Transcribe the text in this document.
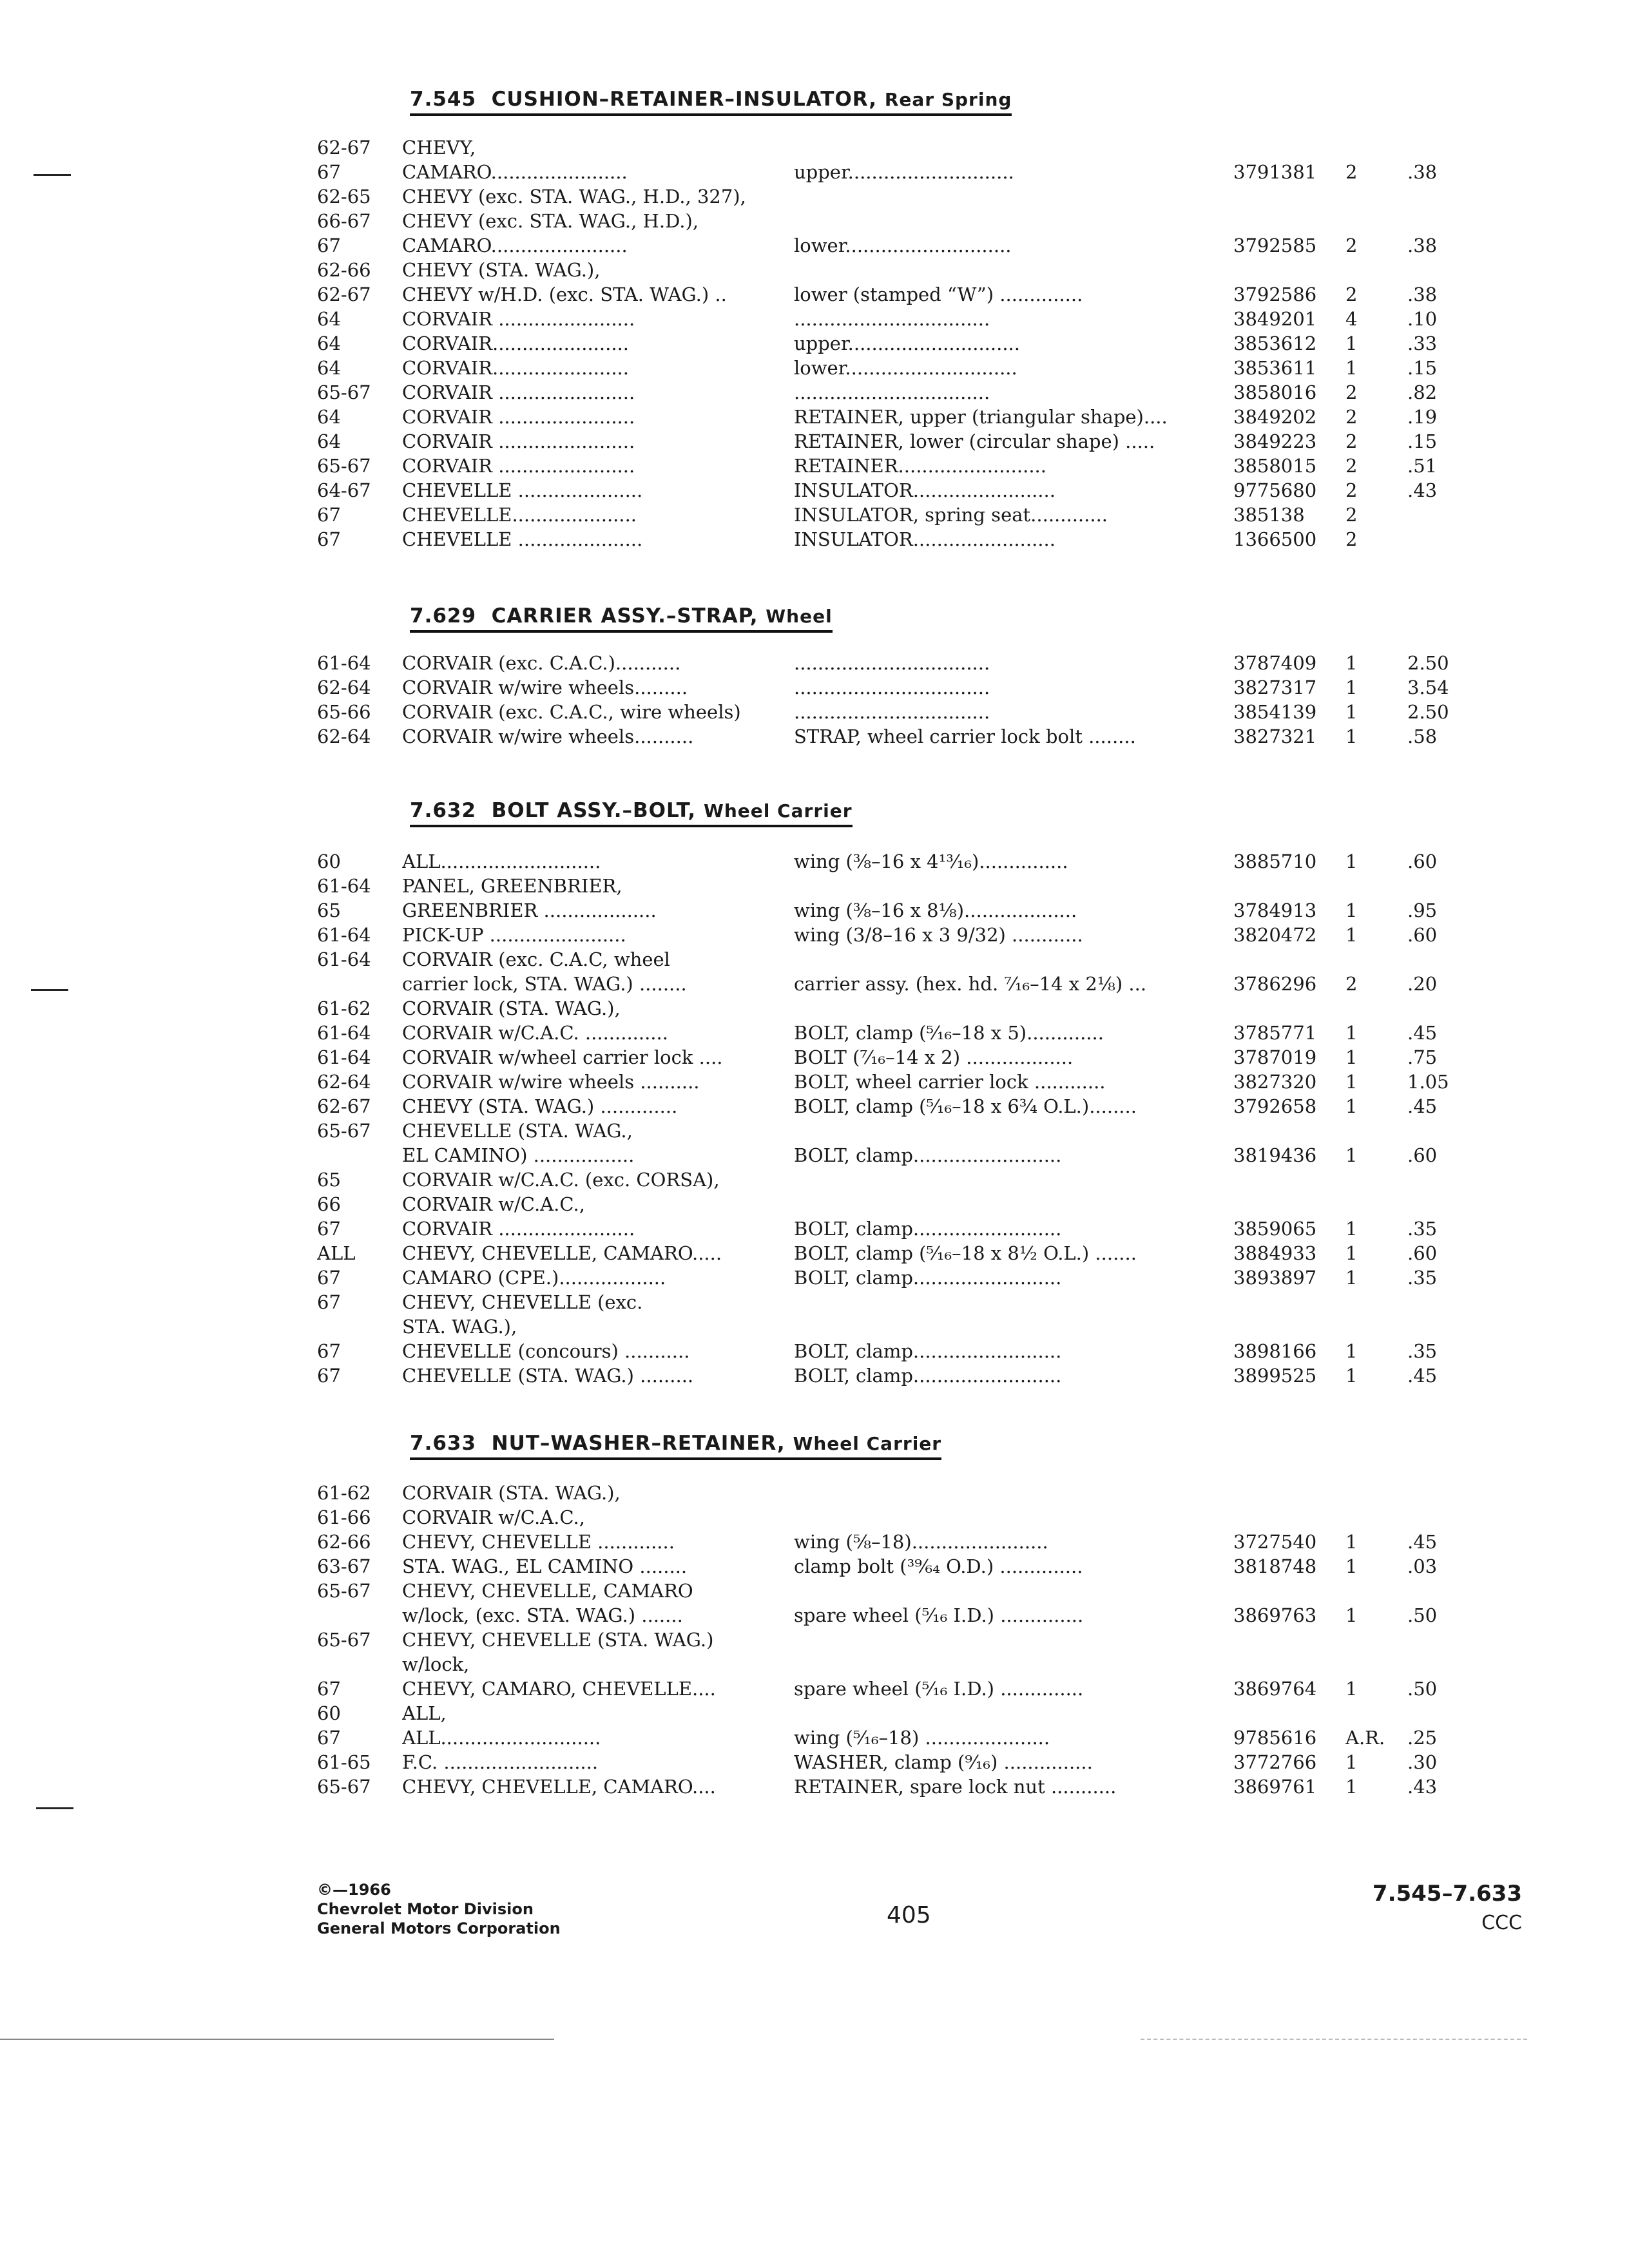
7.545 CUSHION–RETAINER–INSULATOR, Rear Spring
62-67	CHEVY,				
67	CAMARO.......................	upper............................	3791381	2	.38
62-65	CHEVY (exc. STA. WAG., H.D., 327),				
66-67	CHEVY (exc. STA. WAG., H.D.),				
67	CAMARO.......................	lower............................	3792585	2	.38
62-66	CHEVY (STA. WAG.),				
62-67	CHEVY w/H.D. (exc. STA. WAG.) ..	lower (stamped “W”) ..............	3792586	2	.38
64	CORVAIR .......................	.................................	3849201	4	.10
64	CORVAIR.......................	upper.............................	3853612	1	.33
64	CORVAIR.......................	lower.............................	3853611	1	.15
65-67	CORVAIR .......................	.................................	3858016	2	.82
64	CORVAIR .......................	RETAINER, upper (triangular shape)....	3849202	2	.19
64	CORVAIR .......................	RETAINER, lower (circular shape) .....	3849223	2	.15
65-67	CORVAIR .......................	RETAINER.........................	3858015	2	.51
64-67	CHEVELLE .....................	INSULATOR........................	9775680	2	.43
67	CHEVELLE.....................	INSULATOR, spring seat.............	385138	2	
67	CHEVELLE .....................	INSULATOR........................	1366500	2	
7.629 CARRIER ASSY.–STRAP, Wheel
61-64	CORVAIR (exc. C.A.C.)...........	.................................	3787409	1	2.50
62-64	CORVAIR w/wire wheels.........	.................................	3827317	1	3.54
65-66	CORVAIR (exc. C.A.C., wire wheels)	.................................	3854139	1	2.50
62-64	CORVAIR w/wire wheels..........	STRAP, wheel carrier lock bolt ........	3827321	1	.58
7.632 BOLT ASSY.–BOLT, Wheel Carrier
60	ALL...........................	wing (⅜–16 x 4¹³⁄₁₆)...............	3885710	1	.60
61-64	PANEL, GREENBRIER,				
65	GREENBRIER ...................	wing (⅜–16 x 8⅛)...................	3784913	1	.95
61-64	PICK-UP .......................	wing (3/8–16 x 3 9/32) ............	3820472	1	.60
61-64	CORVAIR (exc. C.A.C, wheel				
	carrier lock, STA. WAG.) ........	carrier assy. (hex. hd. ⁷⁄₁₆–14 x 2⅛) ...	3786296	2	.20
61-62	CORVAIR (STA. WAG.),				
61-64	CORVAIR w/C.A.C. ..............	BOLT, clamp (⁵⁄₁₆–18 x 5).............	3785771	1	.45
61-64	CORVAIR w/wheel carrier lock ....	BOLT (⁷⁄₁₆–14 x 2) ..................	3787019	1	.75
62-64	CORVAIR w/wire wheels ..........	BOLT, wheel carrier lock ............	3827320	1	1.05
62-67	CHEVY (STA. WAG.) .............	BOLT, clamp (⁵⁄₁₆–18 x 6¾ O.L.)........	3792658	1	.45
65-67	CHEVELLE (STA. WAG.,				
	EL CAMINO) .................	BOLT, clamp.........................	3819436	1	.60
65	CORVAIR w/C.A.C. (exc. CORSA),				
66	CORVAIR w/C.A.C.,				
67	CORVAIR .......................	BOLT, clamp.........................	3859065	1	.35
ALL	CHEVY, CHEVELLE, CAMARO.....	BOLT, clamp (⁵⁄₁₆–18 x 8½ O.L.) .......	3884933	1	.60
67	CAMARO (CPE.)..................	BOLT, clamp.........................	3893897	1	.35
67	CHEVY, CHEVELLE (exc.				
	STA. WAG.),				
67	CHEVELLE (concours) ...........	BOLT, clamp.........................	3898166	1	.35
67	CHEVELLE (STA. WAG.) .........	BOLT, clamp.........................	3899525	1	.45
7.633 NUT–WASHER–RETAINER, Wheel Carrier
61-62	CORVAIR (STA. WAG.),				
61-66	CORVAIR w/C.A.C.,				
62-66	CHEVY, CHEVELLE .............	wing (⅝–18).......................	3727540	1	.45
63-67	STA. WAG., EL CAMINO ........	clamp bolt (³⁹⁄₆₄ O.D.) ..............	3818748	1	.03
65-67	CHEVY, CHEVELLE, CAMARO				
	w/lock, (exc. STA. WAG.) .......	spare wheel (⁵⁄₁₆ I.D.) ..............	3869763	1	.50
65-67	CHEVY, CHEVELLE (STA. WAG.)				
	w/lock,				
67	CHEVY, CAMARO, CHEVELLE....	spare wheel (⁵⁄₁₆ I.D.) ..............	3869764	1	.50
60	ALL,				
67	ALL...........................	wing (⁵⁄₁₆–18) .....................	9785616	A.R.	.25
61-65	F.C. ..........................	WASHER, clamp (⁹⁄₁₆) ...............	3772766	1	.30
65-67	CHEVY, CHEVELLE, CAMARO....	RETAINER, spare lock nut ...........	3869761	1	.43
©—1966
Chevrolet Motor Division
General Motors Corporation	405
7.545–7.633
CCC
